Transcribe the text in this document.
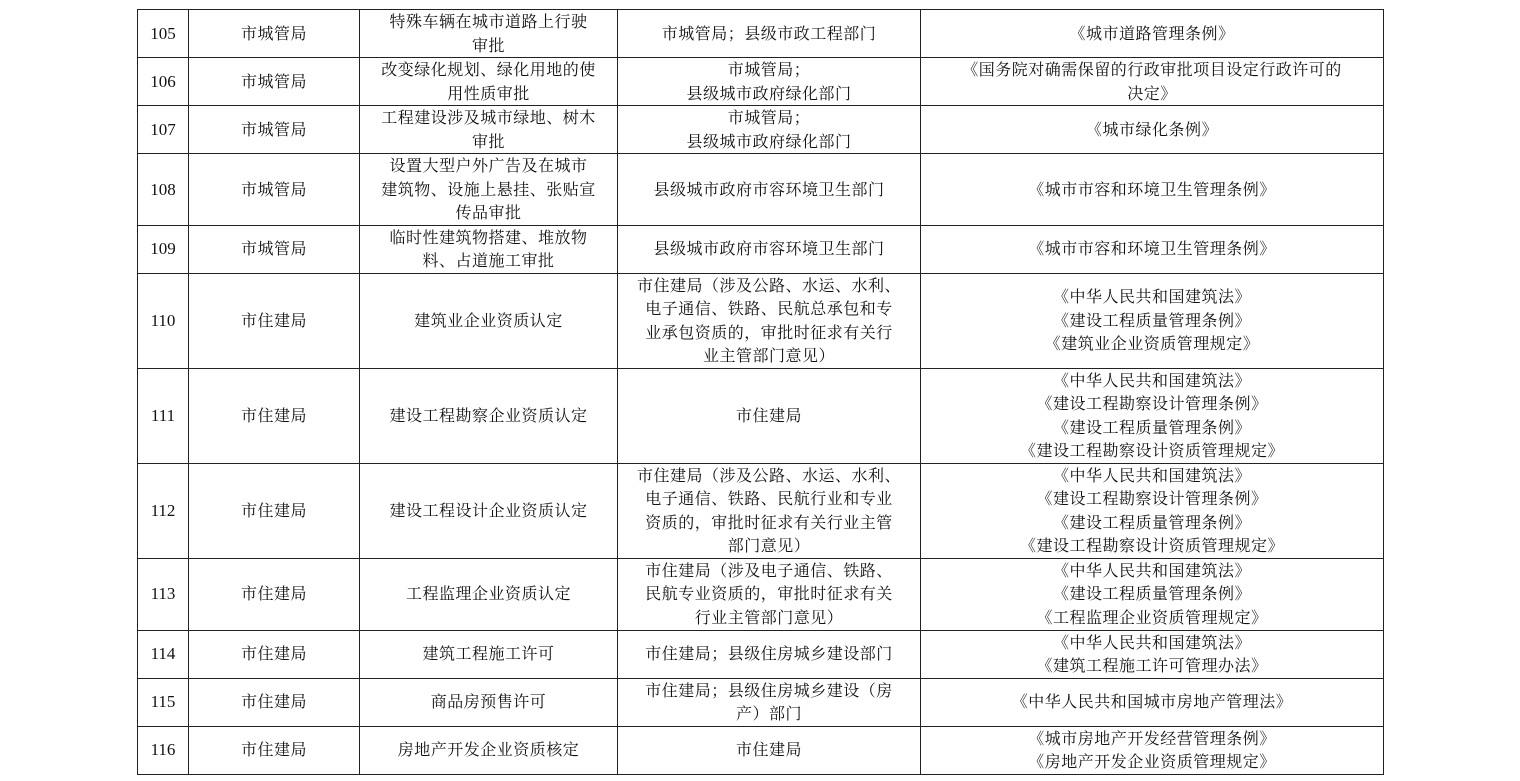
105	市城管局	特殊车辆在城市道路上行驶
审批	市城管局；县级市政工程部门	《城市道路管理条例》
106	市城管局	改变绿化规划、绿化用地的使
用性质审批	市城管局；
县级城市政府绿化部门	《国务院对确需保留的行政审批项目设定行政许可的
决定》
107	市城管局	工程建设涉及城市绿地、树木
审批	市城管局；
县级城市政府绿化部门	《城市绿化条例》
108	市城管局	设置大型户外广告及在城市
建筑物、设施上悬挂、张贴宣
传品审批	县级城市政府市容环境卫生部门	《城市市容和环境卫生管理条例》
109	市城管局	临时性建筑物搭建、堆放物
料、占道施工审批	县级城市政府市容环境卫生部门	《城市市容和环境卫生管理条例》
110	市住建局	建筑业企业资质认定	市住建局（涉及公路、水运、水利、
电子通信、铁路、民航总承包和专
业承包资质的，审批时征求有关行
业主管部门意见）	《中华人民共和国建筑法》
《建设工程质量管理条例》
《建筑业企业资质管理规定》
111	市住建局	建设工程勘察企业资质认定	市住建局	《中华人民共和国建筑法》
《建设工程勘察设计管理条例》
《建设工程质量管理条例》
《建设工程勘察设计资质管理规定》
112	市住建局	建设工程设计企业资质认定	市住建局（涉及公路、水运、水利、
电子通信、铁路、民航行业和专业
资质的，审批时征求有关行业主管
部门意见）	《中华人民共和国建筑法》
《建设工程勘察设计管理条例》
《建设工程质量管理条例》
《建设工程勘察设计资质管理规定》
113	市住建局	工程监理企业资质认定	市住建局（涉及电子通信、铁路、
民航专业资质的，审批时征求有关
行业主管部门意见）	《中华人民共和国建筑法》
《建设工程质量管理条例》
《工程监理企业资质管理规定》
114	市住建局	建筑工程施工许可	市住建局；县级住房城乡建设部门	《中华人民共和国建筑法》
《建筑工程施工许可管理办法》
115	市住建局	商品房预售许可	市住建局；县级住房城乡建设（房
产）部门	《中华人民共和国城市房地产管理法》
116	市住建局	房地产开发企业资质核定	市住建局	《城市房地产开发经营管理条例》
《房地产开发企业资质管理规定》
